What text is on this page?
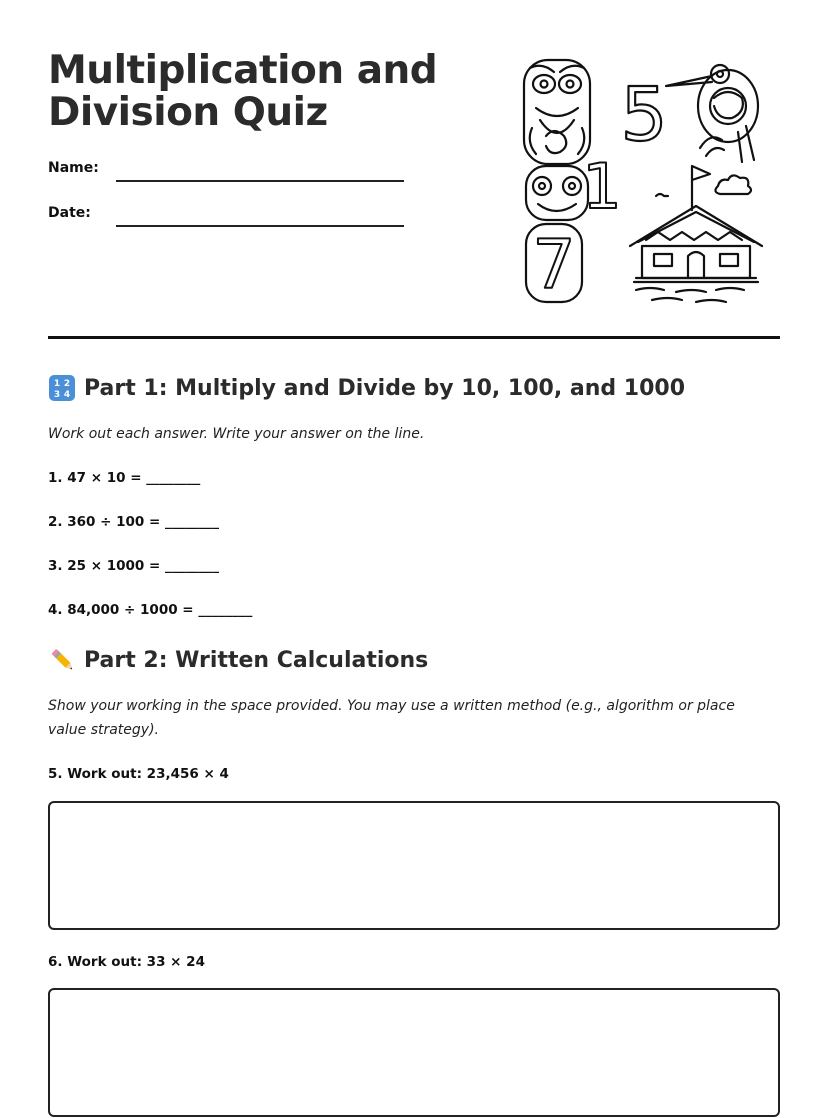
Multiplication and
Division Quiz
Name:
Date:
7
1
5
1 2
3 4 Part 1: Multiply and Divide by 10, 100, and 1000

Work out each answer. Write your answer on the line.

1. 47 × 10 = ________

2. 360 ÷ 100 = ________

3. 25 × 1000 = ________

4. 84,000 ÷ 1000 = ________

Part 2: Written Calculations

Show your working in the space provided. You may use a written method (e.g., algorithm or place value strategy).

5. Work out: 23,456 × 4

6. Work out: 33 × 24
